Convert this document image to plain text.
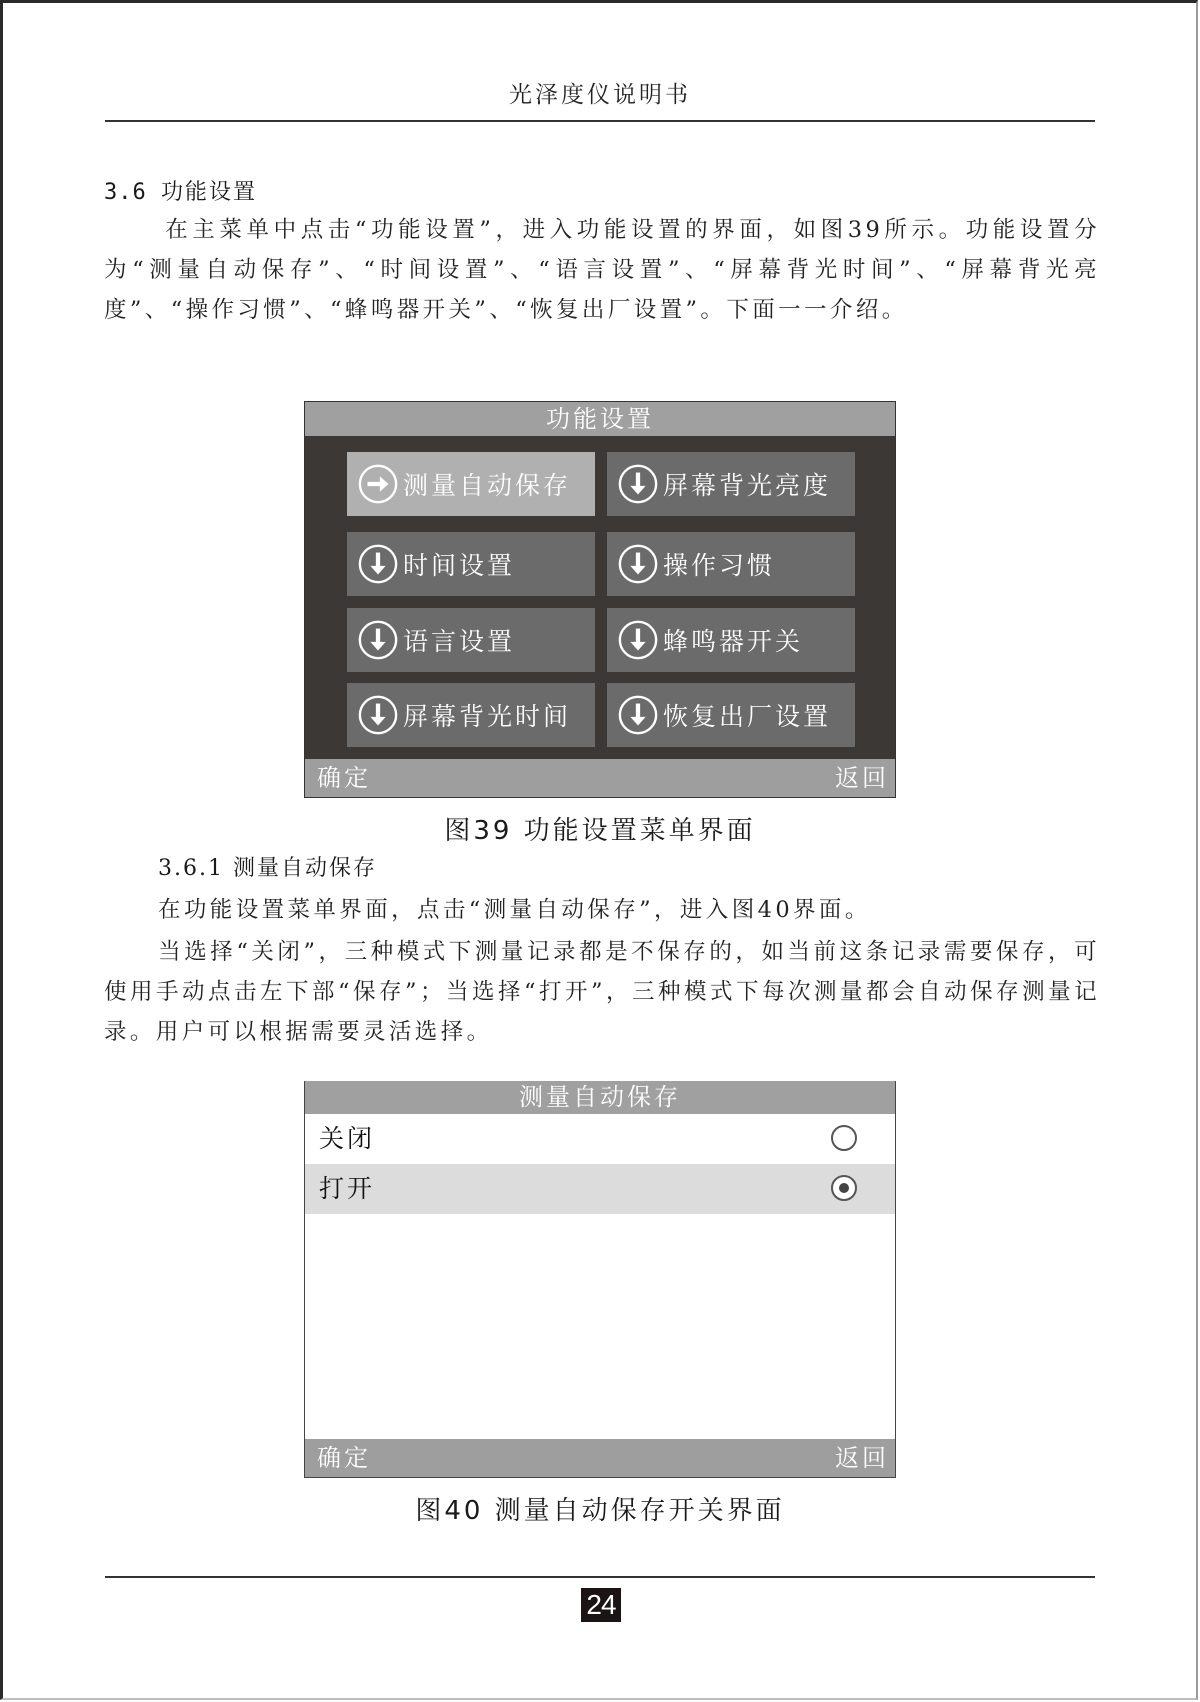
光泽度仪说明书
3.6 功能设置
在主菜单中点击“功能设置”，进入功能设置的界面，如图39所示。功能设置分为“测量自动保存”、“时间设置”、“语言设置”、“屏幕背光时间”、“屏幕背光亮度”、“操作习惯”、“蜂鸣器开关”、“恢复出厂设置”。下面一一介绍。
功能设置
测量自动保存	屏幕背光亮度
时间设置	操作习惯
语言设置	蜂鸣器开关
屏幕背光时间	恢复出厂设置
确定	返回
图39 功能设置菜单界面
3.6.1 测量自动保存
在功能设置菜单界面，点击“测量自动保存”，进入图40界面。
当选择“关闭”，三种模式下测量记录都是不保存的，如当前这条记录需要保存，可使用手动点击左下部“保存”；当选择“打开”，三种模式下每次测量都会自动保存测量记录。用户可以根据需要灵活选择。
测量自动保存
关闭
打开
确定	返回
图40 测量自动保存开关界面
24
